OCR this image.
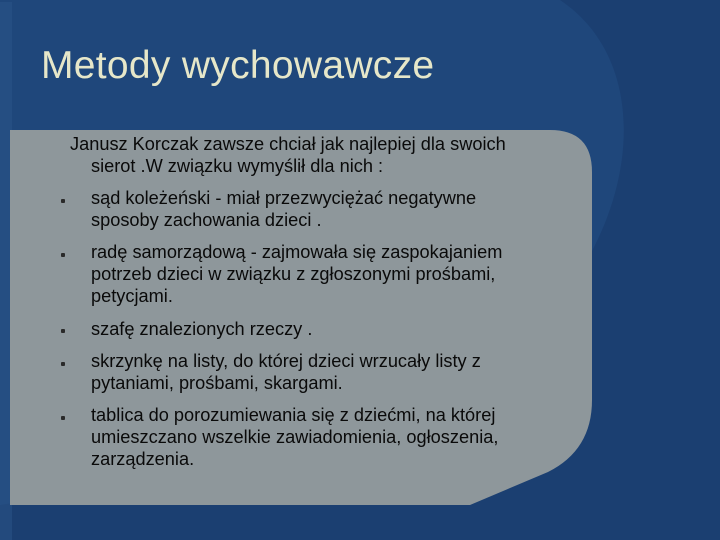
Metody wychowawcze
Janusz Korczak zawsze chciał jak najlepiej dla swoich
sierot .W związku wymyślił dla nich :
sąd koleżeński - miał przezwyciężać negatywne
sposoby zachowania dzieci .
radę samorządową - zajmowała się zaspokajaniem
potrzeb dzieci w związku z zgłoszonymi prośbami,
petycjami.
szafę znalezionych rzeczy .
skrzynkę na listy, do której dzieci wrzucały listy z
pytaniami, prośbami, skargami.
tablica do porozumiewania się z dziećmi, na której
umieszczano wszelkie zawiadomienia, ogłoszenia,
zarządzenia.
